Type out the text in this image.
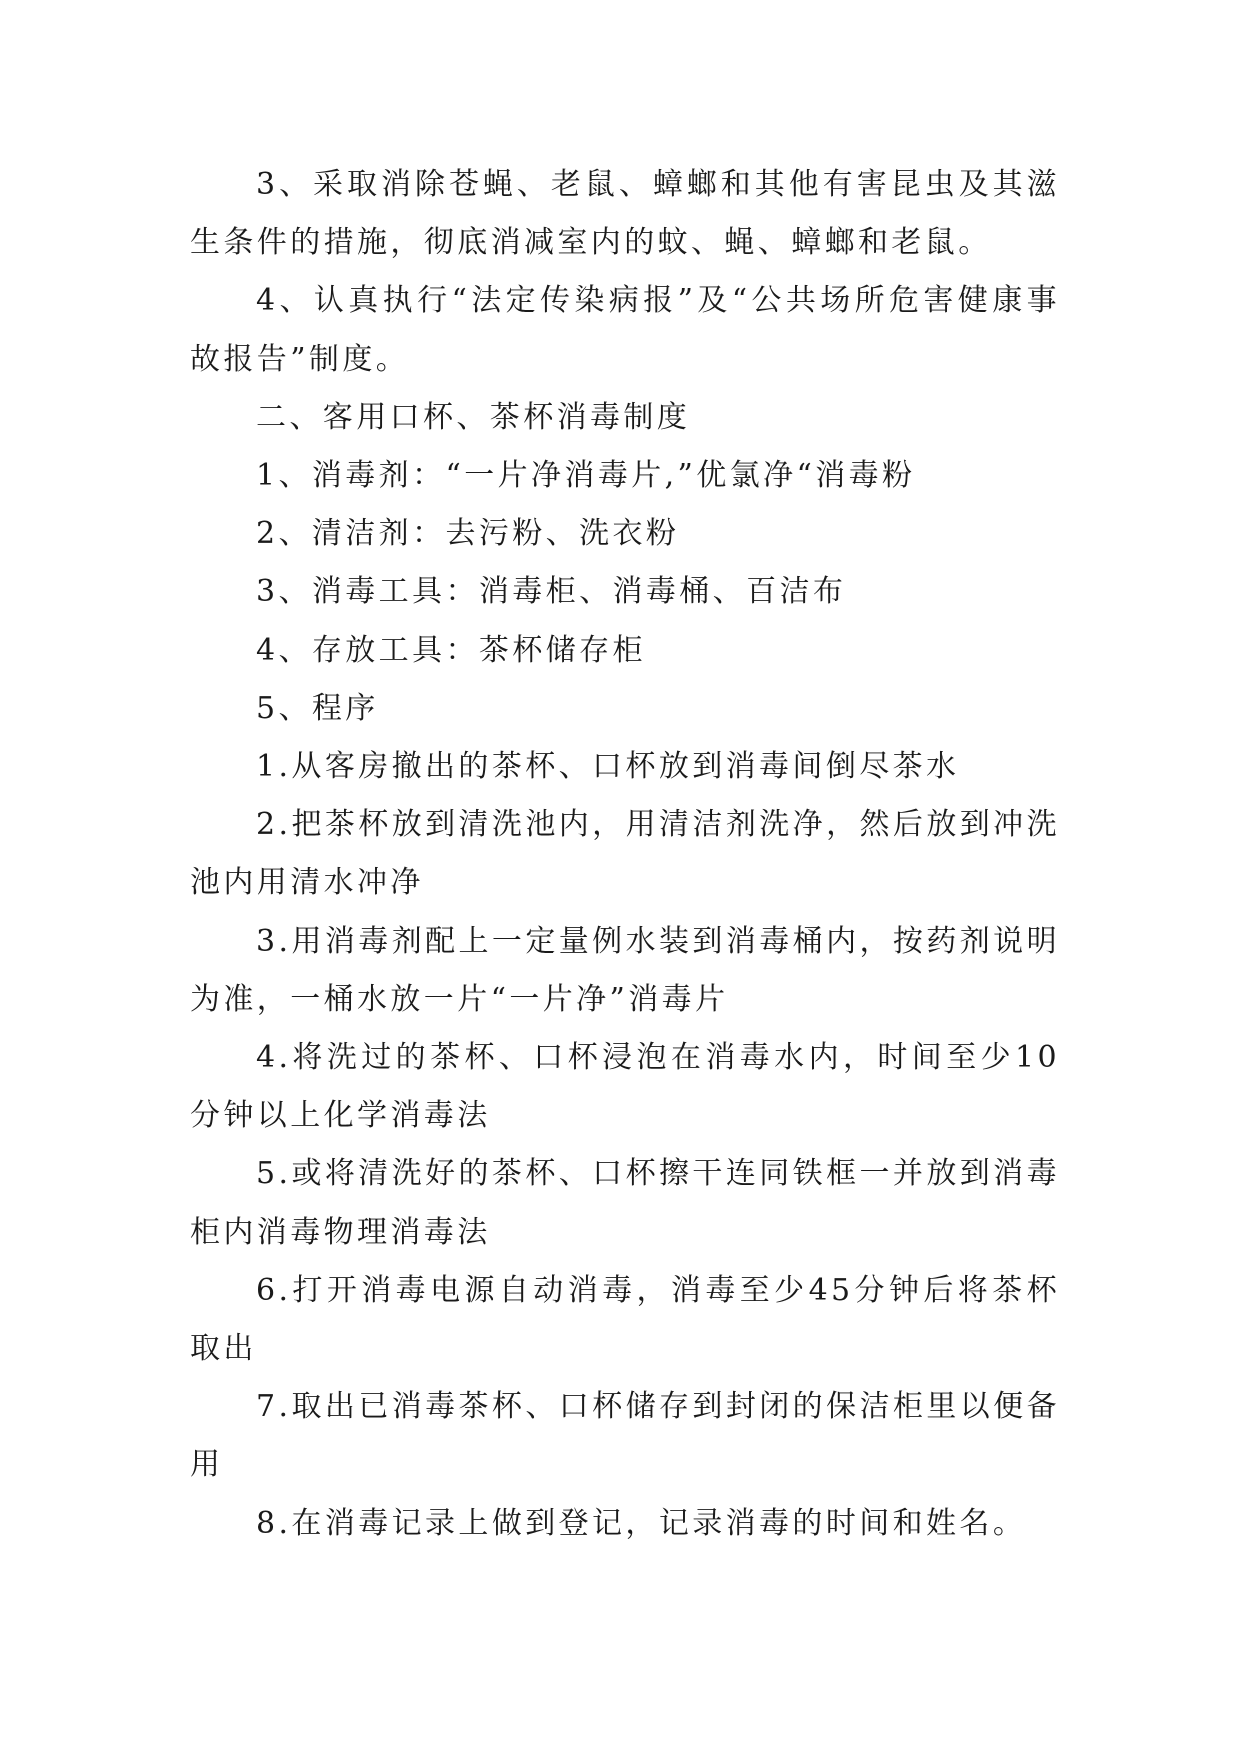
3、采取消除苍蝇、老鼠、蟑螂和其他有害昆虫及其滋生条件的措施，彻底消减室内的蚊、蝇、蟑螂和老鼠。

4、认真执行“法定传染病报”及“公共场所危害健康事故报告”制度。

二、客用口杯、茶杯消毒制度

1、消毒剂：“一片净消毒片,”优氯净“消毒粉

2、清洁剂：去污粉、洗衣粉

3、消毒工具：消毒柜、消毒桶、百洁布

4、存放工具：茶杯储存柜

5、程序

1.从客房撤出的茶杯、口杯放到消毒间倒尽茶水

2.把茶杯放到清洗池内，用清洁剂洗净，然后放到冲洗池内用清水冲净

3.用消毒剂配上一定量例水装到消毒桶内，按药剂说明为准，一桶水放一片“一片净”消毒片

4.将洗过的茶杯、口杯浸泡在消毒水内，时间至少10分钟以上化学消毒法

5.或将清洗好的茶杯、口杯擦干连同铁框一并放到消毒柜内消毒物理消毒法

6.打开消毒电源自动消毒，消毒至少45分钟后将茶杯取出

7.取出已消毒茶杯、口杯储存到封闭的保洁柜里以便备用

8.在消毒记录上做到登记，记录消毒的时间和姓名。
